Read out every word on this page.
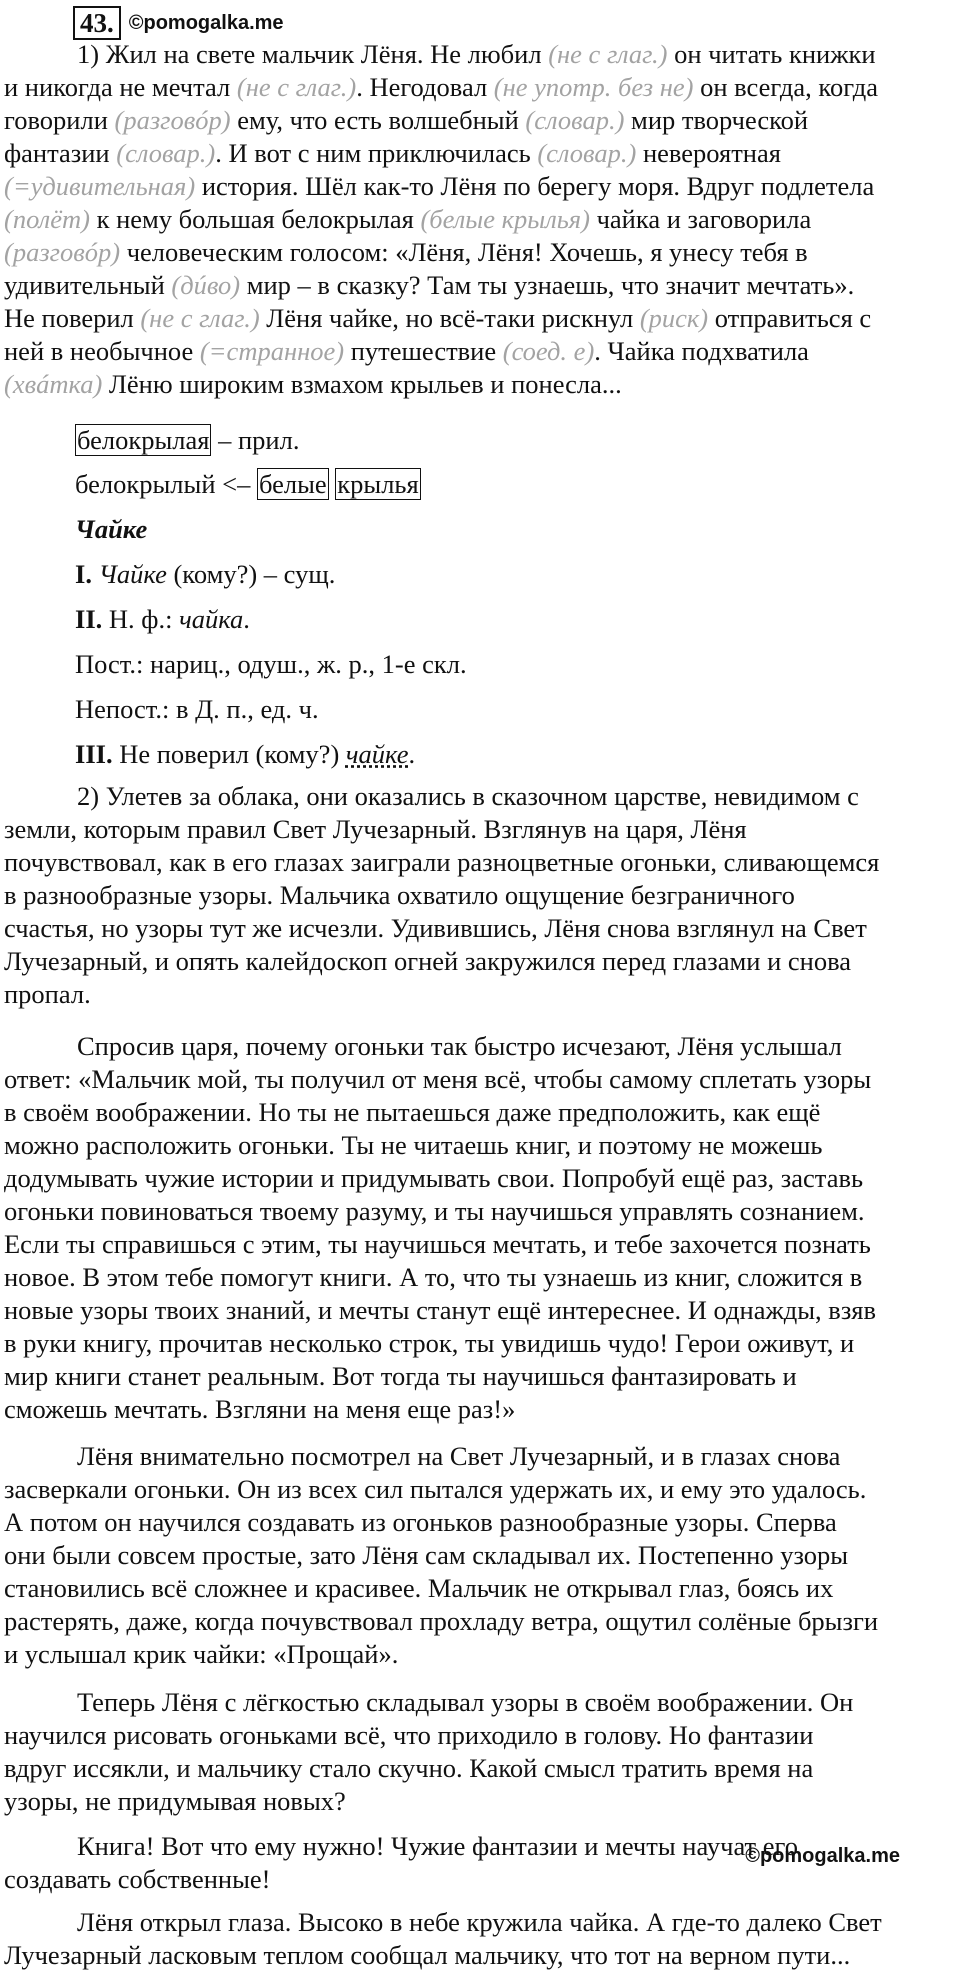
43. ©pomogalka.me
1) Жил на свете мальчик Лёня. Не любил (не с глаг.) он читать книжки
и никогда не мечтал (не с глаг.). Негодовал (не употр. без не) он всегда, когда
говорили (разговóр) ему, что есть волшебный (словар.) мир творческой
фантазии (словар.). И вот с ним приключилась (словар.) невероятная
(=удивительная) история. Шёл как-то Лёня по берегу моря. Вдруг подлетела
(полёт) к нему большая белокрылая (белые крылья) чайка и заговорила
(разговóр) человеческим голосом: «Лёня, Лёня! Хочешь, я унесу тебя в
удивительный (дúво) мир – в сказку? Там ты узнаешь, что значит мечтать».
Не поверил (не с глаг.) Лёня чайке, но всё-таки рискнул (риск) отправиться с
ней в необычное (=странное) путешествие (соед. е). Чайка подхватила
(хвáтка) Лёню широким взмахом крыльев и понесла...
белокрылая – прил.
белокрылый <– белые крылья
Чайке
I. Чайке (кому?) – сущ.
II. Н. ф.: чайка.
Пост.: нариц., одуш., ж. р., 1-е скл.
Непост.: в Д. п., ед. ч.
III. Не поверил (кому?) чайке.
2) Улетев за облака, они оказались в сказочном царстве, невидимом с
земли, которым правил Свет Лучезарный. Взглянув на царя, Лёня
почувствовал, как в его глазах заиграли разноцветные огоньки, сливающемся
в разнообразные узоры. Мальчика охватило ощущение безграничного
счастья, но узоры тут же исчезли. Удивившись, Лёня снова взглянул на Свет
Лучезарный, и опять калейдоскоп огней закружился перед глазами и снова
пропал.
Спросив царя, почему огоньки так быстро исчезают, Лёня услышал
ответ: «Мальчик мой, ты получил от меня всё, чтобы самому сплетать узоры
в своём воображении. Но ты не пытаешься даже предположить, как ещё
можно расположить огоньки. Ты не читаешь книг, и поэтому не можешь
додумывать чужие истории и придумывать свои. Попробуй ещё раз, заставь
огоньки повиноваться твоему разуму, и ты научишься управлять сознанием.
Если ты справишься с этим, ты научишься мечтать, и тебе захочется познать
новое. В этом тебе помогут книги. А то, что ты узнаешь из книг, сложится в
новые узоры твоих знаний, и мечты станут ещё интереснее. И однажды, взяв
в руки книгу, прочитав несколько строк, ты увидишь чудо! Герои оживут, и
мир книги станет реальным. Вот тогда ты научишься фантазировать и
сможешь мечтать. Взгляни на меня еще раз!»
Лёня внимательно посмотрел на Свет Лучезарный, и в глазах снова
засверкали огоньки. Он из всех сил пытался удержать их, и ему это удалось.
А потом он научился создавать из огоньков разнообразные узоры. Сперва
они были совсем простые, зато Лёня сам складывал их. Постепенно узоры
становились всё сложнее и красивее. Мальчик не открывал глаз, боясь их
растерять, даже, когда почувствовал прохладу ветра, ощутил солёные брызги
и услышал крик чайки: «Прощай».
Теперь Лёня с лёгкостью складывал узоры в своём воображении. Он
научился рисовать огоньками всё, что приходило в голову. Но фантазии
вдруг иссякли, и мальчику стало скучно. Какой смысл тратить время на
узоры, не придумывая новых?
Книга! Вот что ему нужно! Чужие фантазии и мечты научат его
создавать собственные!
©pomogalka.me
Лёня открыл глаза. Высоко в небе кружила чайка. А где-то далеко Свет
Лучезарный ласковым теплом сообщал мальчику, что тот на верном пути...
